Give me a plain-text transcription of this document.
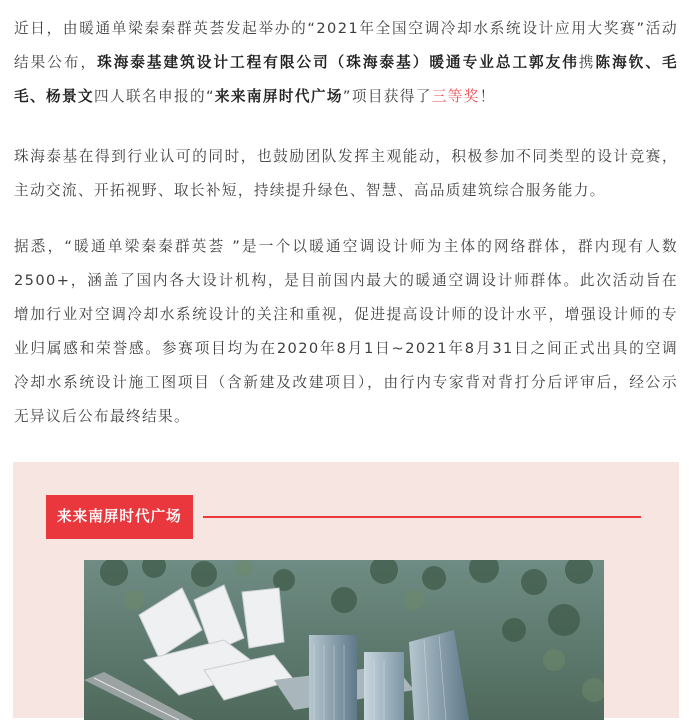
近日，由暖通单梁秦秦群英荟发起举办的“2021年全国空调冷却水系统设计应用大奖赛”活动结果公布，珠海泰基建筑设计工程有限公司（珠海泰基）暖通专业总工郭友伟携陈海钦、毛毛、杨景文四人联名申报的“来来南屏时代广场”项目获得了三等奖！

珠海泰基在得到行业认可的同时，也鼓励团队发挥主观能动，积极参加不同类型的设计竞赛，主动交流、开拓视野、取长补短，持续提升绿色、智慧、高品质建筑综合服务能力。

据悉，“暖通单梁秦秦群英荟 ”是一个以暖通空调设计师为主体的网络群体，群内现有人数2500+，涵盖了国内各大设计机构，是目前国内最大的暖通空调设计师群体。此次活动旨在增加行业对空调冷却水系统设计的关注和重视，促进提高设计师的设计水平，增强设计师的专业归属感和荣誉感。参赛项目均为在2020年8月1日~2021年8月31日之间正式出具的空调冷却水系统设计施工图项目（含新建及改建项目），由行内专家背对背打分后评审后，经公示无异议后公布最终结果。

来来南屏时代广场
